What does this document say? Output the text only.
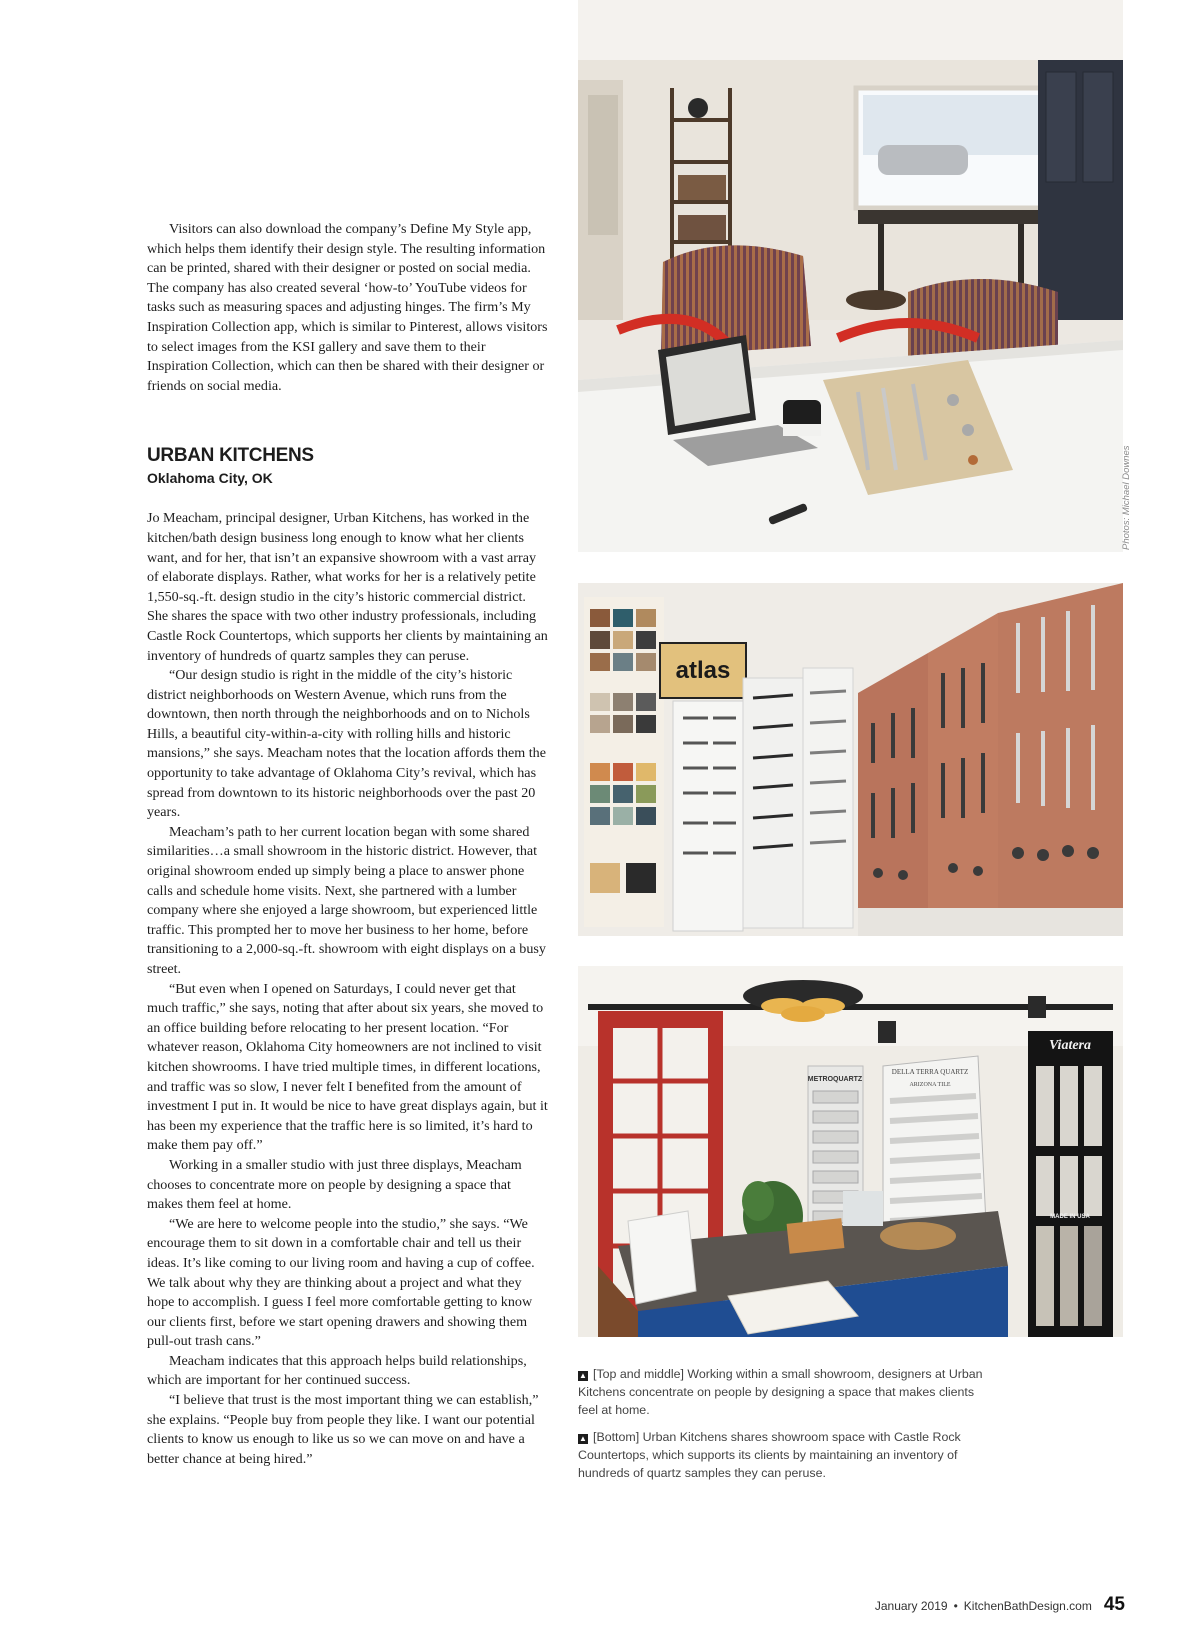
Visitors can also download the company’s Define My Style app, which helps them identify their design style. The resulting information can be printed, shared with their designer or posted on social media. The company has also created several ‘how-to’ YouTube videos for tasks such as measuring spaces and adjusting hinges. The firm’s My Inspiration Collection app, which is similar to Pinterest, allows visitors to select images from the KSI gallery and save them to their Inspiration Collection, which can then be shared with their designer or friends on social media.

URBAN KITCHENS
Oklahoma City, OK

Jo Meacham, principal designer, Urban Kitchens, has worked in the kitchen/bath design business long enough to know what her clients want, and for her, that isn’t an expansive showroom with a vast array of elaborate displays. Rather, what works for her is a relatively petite 1,550-sq.-ft. design studio in the city’s historic commercial district. She shares the space with two other industry professionals, including Castle Rock Countertops, which supports her clients by maintaining an inventory of hundreds of quartz samples they can peruse.

“Our design studio is right in the middle of the city’s historic district neighborhoods on Western Avenue, which runs from the downtown, then north through the neighborhoods and on to Nichols Hills, a beautiful city-within-a-city with rolling hills and historic mansions,” she says. Meacham notes that the location affords them the opportunity to take advantage of Oklahoma City’s revival, which has spread from downtown to its historic neighborhoods over the past 20 years.

Meacham’s path to her current location began with some shared similarities…a small showroom in the historic district. However, that original showroom ended up simply being a place to answer phone calls and schedule home visits. Next, she partnered with a lumber company where she enjoyed a large showroom, but experienced little traffic. This prompted her to move her business to her home, before transitioning to a 2,000-sq.-ft. showroom with eight displays on a busy street.

“But even when I opened on Saturdays, I could never get that much traffic,” she says, noting that after about six years, she moved to an office building before relocating to her present location. “For whatever reason, Oklahoma City homeowners are not inclined to visit kitchen showrooms. I have tried multiple times, in different locations, and traffic was so slow, I never felt I benefited from the amount of investment I put in. It would be nice to have great displays again, but it has been my experience that the traffic here is so limited, it’s hard to make them pay off.”

Working in a smaller studio with just three displays, Meacham chooses to concentrate more on people by designing a space that makes them feel at home.

“We are here to welcome people into the studio,” she says. “We encourage them to sit down in a comfortable chair and tell us their ideas. It’s like coming to our living room and having a cup of coffee. We talk about why they are thinking about a project and what they hope to accomplish. I guess I feel more comfortable getting to know our clients first, before we start opening drawers and showing them pull-out trash cans.”

Meacham indicates that this approach helps build relationships, which are important for her continued success.

“I believe that trust is the most important thing we can establish,” she explains. “People buy from people they like. I want our potential clients to know us enough to like us so we can move on and have a better chance at being hired.”

Photos: Michael Downes
atlas
METROQUARTZ
DELLA TERRA QUARTZ
ARIZONA TILE
Viatera
MADE IN USA

▲ [Top and middle] Working within a small showroom, designers at Urban Kitchens concentrate on people by designing a space that makes clients feel at home.

▲ [Bottom] Urban Kitchens shares showroom space with Castle Rock Countertops, which supports its clients by maintaining an inventory of hundreds of quartz samples they can peruse.

January 2019 • KitchenBathDesign.com 45
